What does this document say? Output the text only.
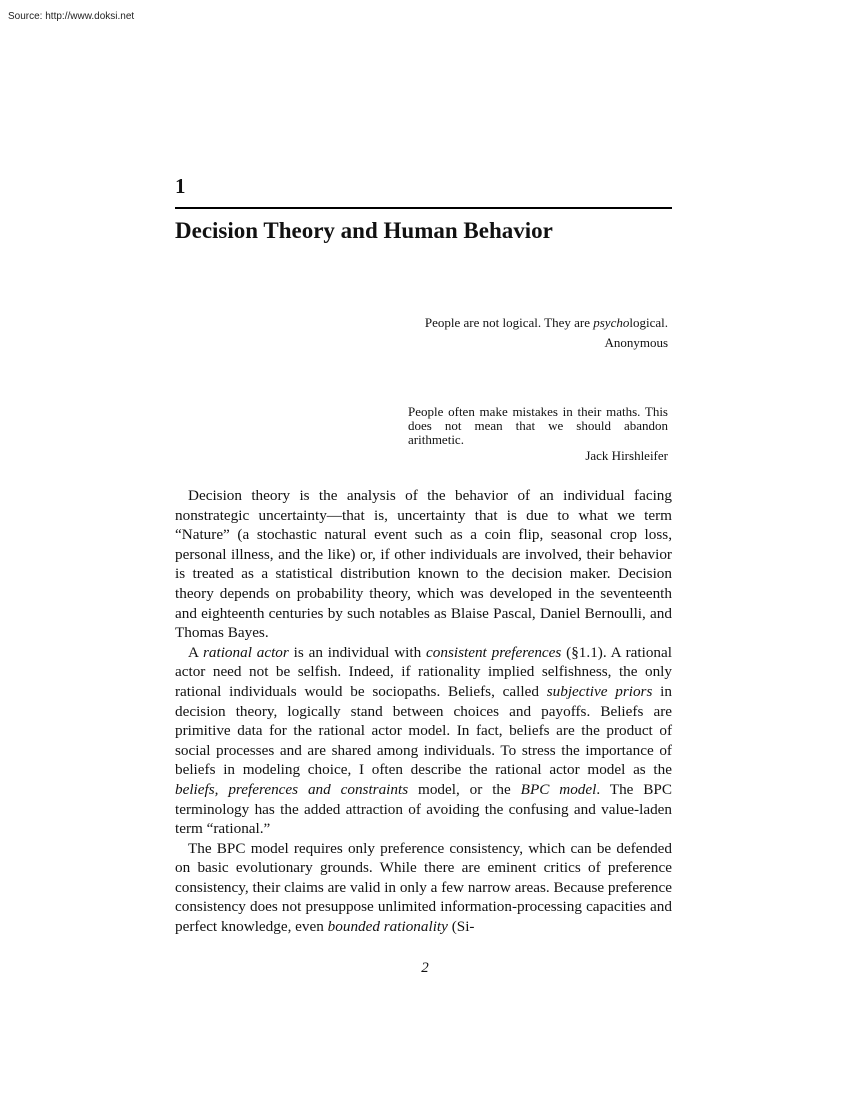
Source: http://www.doksi.net
1
Decision Theory and Human Behavior
People are not logical. They are psychological.
Anonymous
People often make mistakes in their maths. This does not mean that we should abandon arithmetic.
Jack Hirshleifer

Decision theory is the analysis of the behavior of an individual facing nonstrategic uncertainty—that is, uncertainty that is due to what we term “Nature” (a stochastic natural event such as a coin flip, seasonal crop loss, personal illness, and the like) or, if other individuals are involved, their behavior is treated as a statistical distribution known to the decision maker. Decision theory depends on probability theory, which was developed in the seventeenth and eighteenth centuries by such notables as Blaise Pascal, Daniel Bernoulli, and Thomas Bayes.

A rational actor is an individual with consistent preferences (§1.1). A rational actor need not be selfish. Indeed, if rationality implied selfishness, the only rational individuals would be sociopaths. Beliefs, called subjective priors in decision theory, logically stand between choices and payoffs. Beliefs are primitive data for the rational actor model. In fact, beliefs are the product of social processes and are shared among individuals. To stress the importance of beliefs in modeling choice, I often describe the rational actor model as the beliefs, preferences and constraints model, or the BPC model. The BPC terminology has the added attraction of avoiding the confusing and value-laden term “rational.”

The BPC model requires only preference consistency, which can be defended on basic evolutionary grounds. While there are eminent critics of preference consistency, their claims are valid in only a few narrow areas. Because preference consistency does not presuppose unlimited information-processing capacities and perfect knowledge, even bounded rationality (Si-

2
